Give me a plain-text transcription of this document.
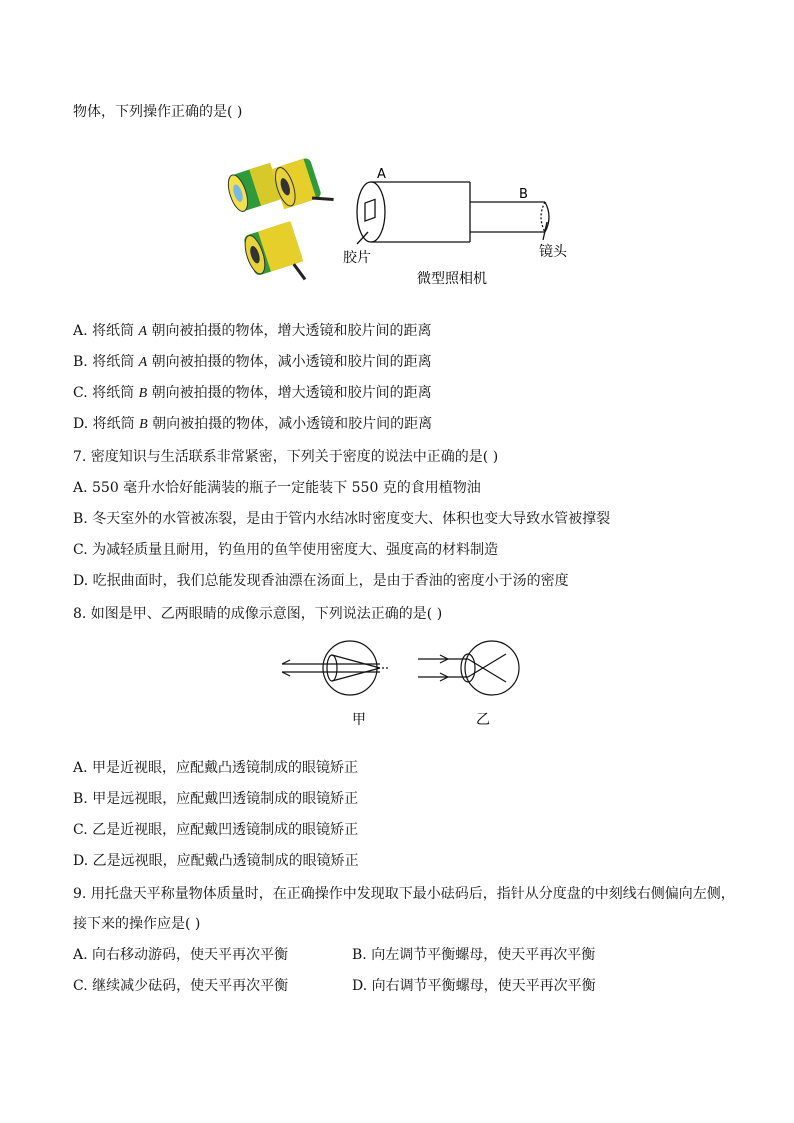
物体，下列操作正确的是( )
A
B
胶片	镜头
微型照相机
A. 将纸筒 A 朝向被拍摄的物体，增大透镜和胶片间的距离
B. 将纸筒 A 朝向被拍摄的物体，减小透镜和胶片间的距离
C. 将纸筒 B 朝向被拍摄的物体，增大透镜和胶片间的距离
D. 将纸筒 B 朝向被拍摄的物体，减小透镜和胶片间的距离
7. 密度知识与生活联系非常紧密，下列关于密度的说法中正确的是( )
A. 550 毫升水恰好能满装的瓶子一定能装下 550 克的食用植物油
B. 冬天室外的水管被冻裂，是由于管内水结冰时密度变大、体积也变大导致水管被撑裂
C. 为减轻质量且耐用，钓鱼用的鱼竿使用密度大、强度高的材料制造
D. 吃抿曲面时，我们总能发现香油漂在汤面上，是由于香油的密度小于汤的密度
8. 如图是甲、乙两眼睛的成像示意图，下列说法正确的是( )
甲	乙
A. 甲是近视眼，应配戴凸透镜制成的眼镜矫正
B. 甲是远视眼，应配戴凹透镜制成的眼镜矫正
C. 乙是近视眼，应配戴凹透镜制成的眼镜矫正
D. 乙是远视眼，应配戴凸透镜制成的眼镜矫正
9. 用托盘天平称量物体质量时，在正确操作中发现取下最小砝码后，指针从分度盘的中刻线右侧偏向左侧，
接下来的操作应是( )
A. 向右移动游码，使天平再次平衡	B. 向左调节平衡螺母，使天平再次平衡
C. 继续减少砝码，使天平再次平衡	D. 向右调节平衡螺母，使天平再次平衡
